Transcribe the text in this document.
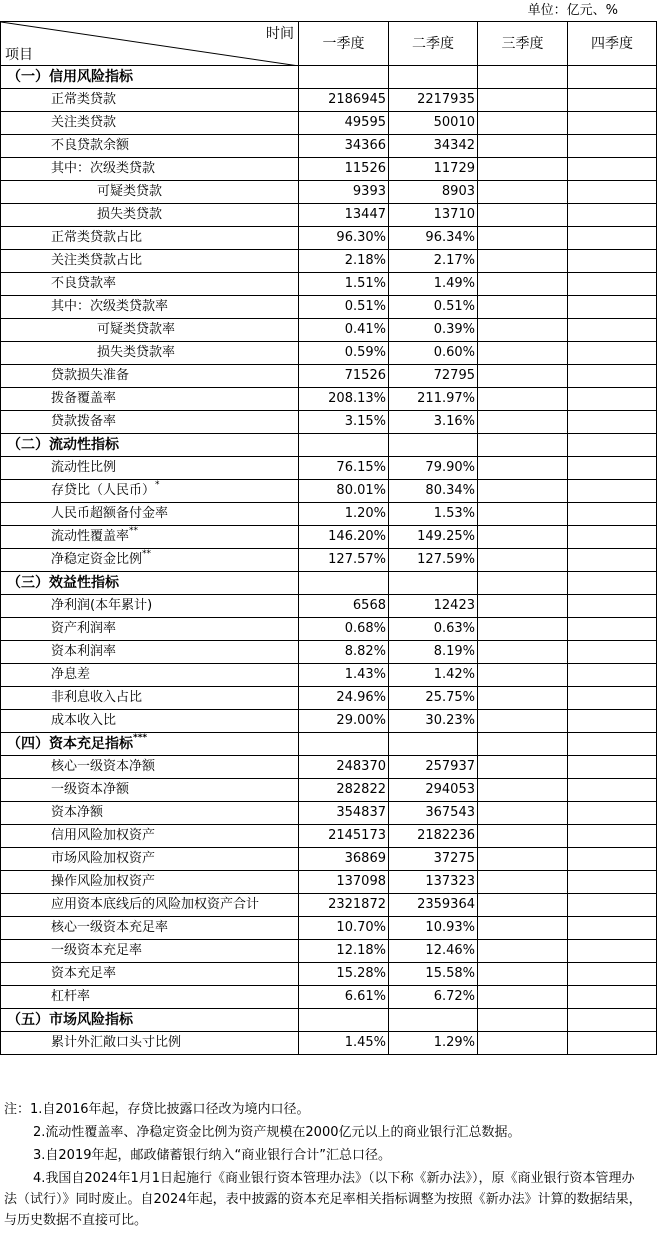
单位：亿元、%
时间
项目	一季度	二季度	三季度	四季度
（一）信用风险指标				
正常类贷款	2186945	2217935		
关注类贷款	49595	50010		
不良贷款余额	34366	34342		
其中：次级类贷款	11526	11729		
可疑类贷款	9393	8903		
损失类贷款	13447	13710		
正常类贷款占比	96.30%	96.34%		
关注类贷款占比	2.18%	2.17%		
不良贷款率	1.51%	1.49%		
其中：次级类贷款率	0.51%	0.51%		
可疑类贷款率	0.41%	0.39%		
损失类贷款率	0.59%	0.60%		
贷款损失准备	71526	72795		
拨备覆盖率	208.13%	211.97%		
贷款拨备率	3.15%	3.16%		
（二）流动性指标				
流动性比例	76.15%	79.90%		
存贷比（人民币）*	80.01%	80.34%		
人民币超额备付金率	1.20%	1.53%		
流动性覆盖率**	146.20%	149.25%		
净稳定资金比例**	127.57%	127.59%		
（三）效益性指标				
净利润(本年累计)	6568	12423		
资产利润率	0.68%	0.63%		
资本利润率	8.82%	8.19%		
净息差	1.43%	1.42%		
非利息收入占比	24.96%	25.75%		
成本收入比	29.00%	30.23%		
（四）资本充足指标***				
核心一级资本净额	248370	257937		
一级资本净额	282822	294053		
资本净额	354837	367543		
信用风险加权资产	2145173	2182236		
市场风险加权资产	36869	37275		
操作风险加权资产	137098	137323		
应用资本底线后的风险加权资产合计	2321872	2359364		
核心一级资本充足率	10.70%	10.93%		
一级资本充足率	12.18%	12.46%		
资本充足率	15.28%	15.58%		
杠杆率	6.61%	6.72%		
（五）市场风险指标				
累计外汇敞口头寸比例	1.45%	1.29%		
注：1.自2016年起，存贷比披露口径改为境内口径。
2.流动性覆盖率、净稳定资金比例为资产规模在2000亿元以上的商业银行汇总数据。
3.自2019年起，邮政储蓄银行纳入“商业银行合计”汇总口径。
4.我国自2024年1月1日起施行《商业银行资本管理办法》（以下称《新办法》），原《商业银行资本管理办法（试行）》同时废止。自2024年起，表中披露的资本充足率相关指标调整为按照《新办法》计算的数据结果，与历史数据不直接可比。
